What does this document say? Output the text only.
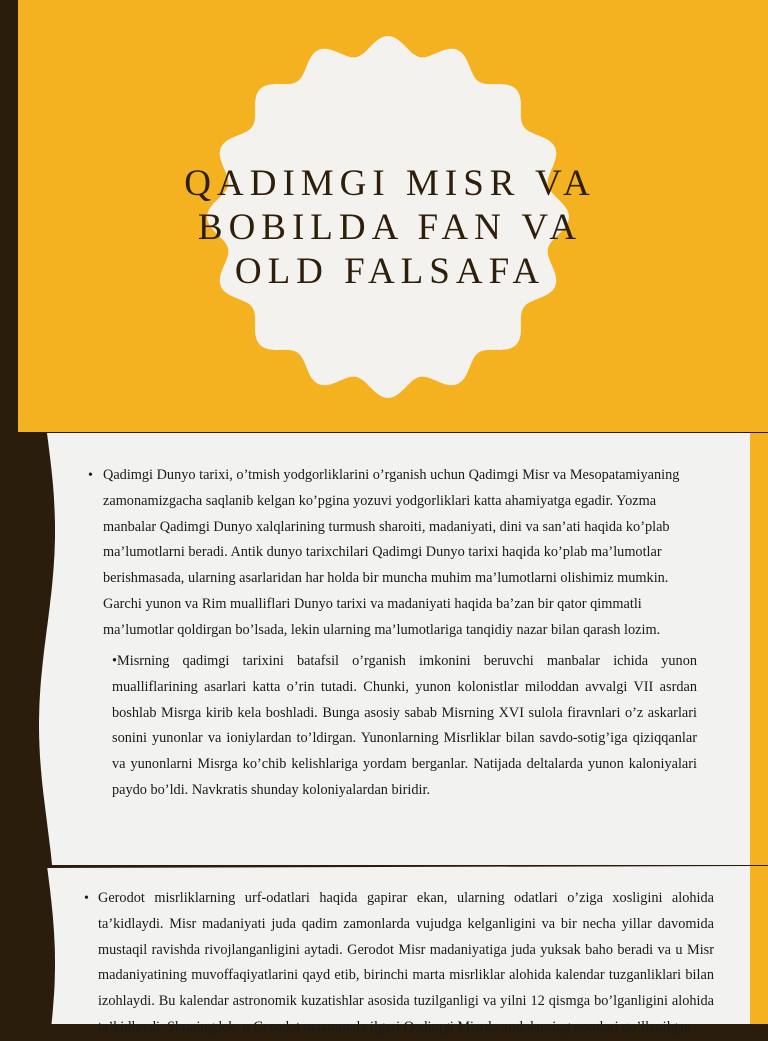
QADIMGI MISR VA
BOBILDA FAN VA
OLD FALSAFA
• Qadimgi Dunyo tarixi, o’tmish yodgorliklarini o’rganish uchun Qadimgi Misr va Mesopatamiyaning zamonamizgacha saqlanib kelgan ko’pgina yozuvi yodgorliklari katta ahamiyatga egadir. Yozma manbalar Qadimgi Dunyo xalqlarining turmush sharoiti, madaniyati, dini va san’ati haqida ko’plab ma’lumotlarni beradi. Antik dunyo tarixchilari Qadimgi Dunyo tarixi haqida ko’plab ma’lumotlar berishmasada, ularning asarlaridan har holda bir muncha muhim ma’lumotlarni olishimiz mumkin. Garchi yunon va Rim mualliflari Dunyo tarixi va madaniyati haqida ba’zan bir qator qimmatli ma’lumotlar qoldirgan bo’lsada, lekin ularning ma’lumotlariga tanqidiy nazar bilan qarash lozim.
•Misrning qadimgi tarixini batafsil o’rganish imkonini beruvchi manbalar ichida yunon mualliflarining asarlari katta o’rin tutadi. Chunki, yunon kolonistlar miloddan avvalgi VII asrdan boshlab Misrga kirib kela boshladi. Bunga asosiy sabab Misrning XVI sulola firavnlari o’z askarlari sonini yunonlar va ioniylardan to’ldirgan. Yunonlarning Misrliklar bilan savdo-sotig’iga qiziqqanlar va yunonlarni Misrga ko’chib kelishlariga yordam berganlar. Natijada deltalarda yunon kaloniyalari paydo bo’ldi. Navkratis shunday koloniyalardan biridir.
• Gerodot misrliklarning urf-odatlari haqida gapirar ekan, ularning odatlari o’ziga xosligini alohida ta’kidlaydi. Misr madaniyati juda qadim zamonlarda vujudga kelganligini va bir necha yillar davomida mustaqil ravishda rivojlanganligini aytadi. Gerodot Misr madaniyatiga juda yuksak baho beradi va u Misr madaniyatining muvoffaqiyatlarini qayd etib, birinchi marta misrliklar alohida kalendar tuzganliklari bilan izohlaydi. Bu kalendar astronomik kuzatishlar asosida tuzilganligi va yilni 12 qismga bo’lganligini alohida ta’kidlaydi. Shuningdek, u Gerodot mazmunda ilgari Qadimgi Misrda xudolarning nomlari qo’llanilgan
